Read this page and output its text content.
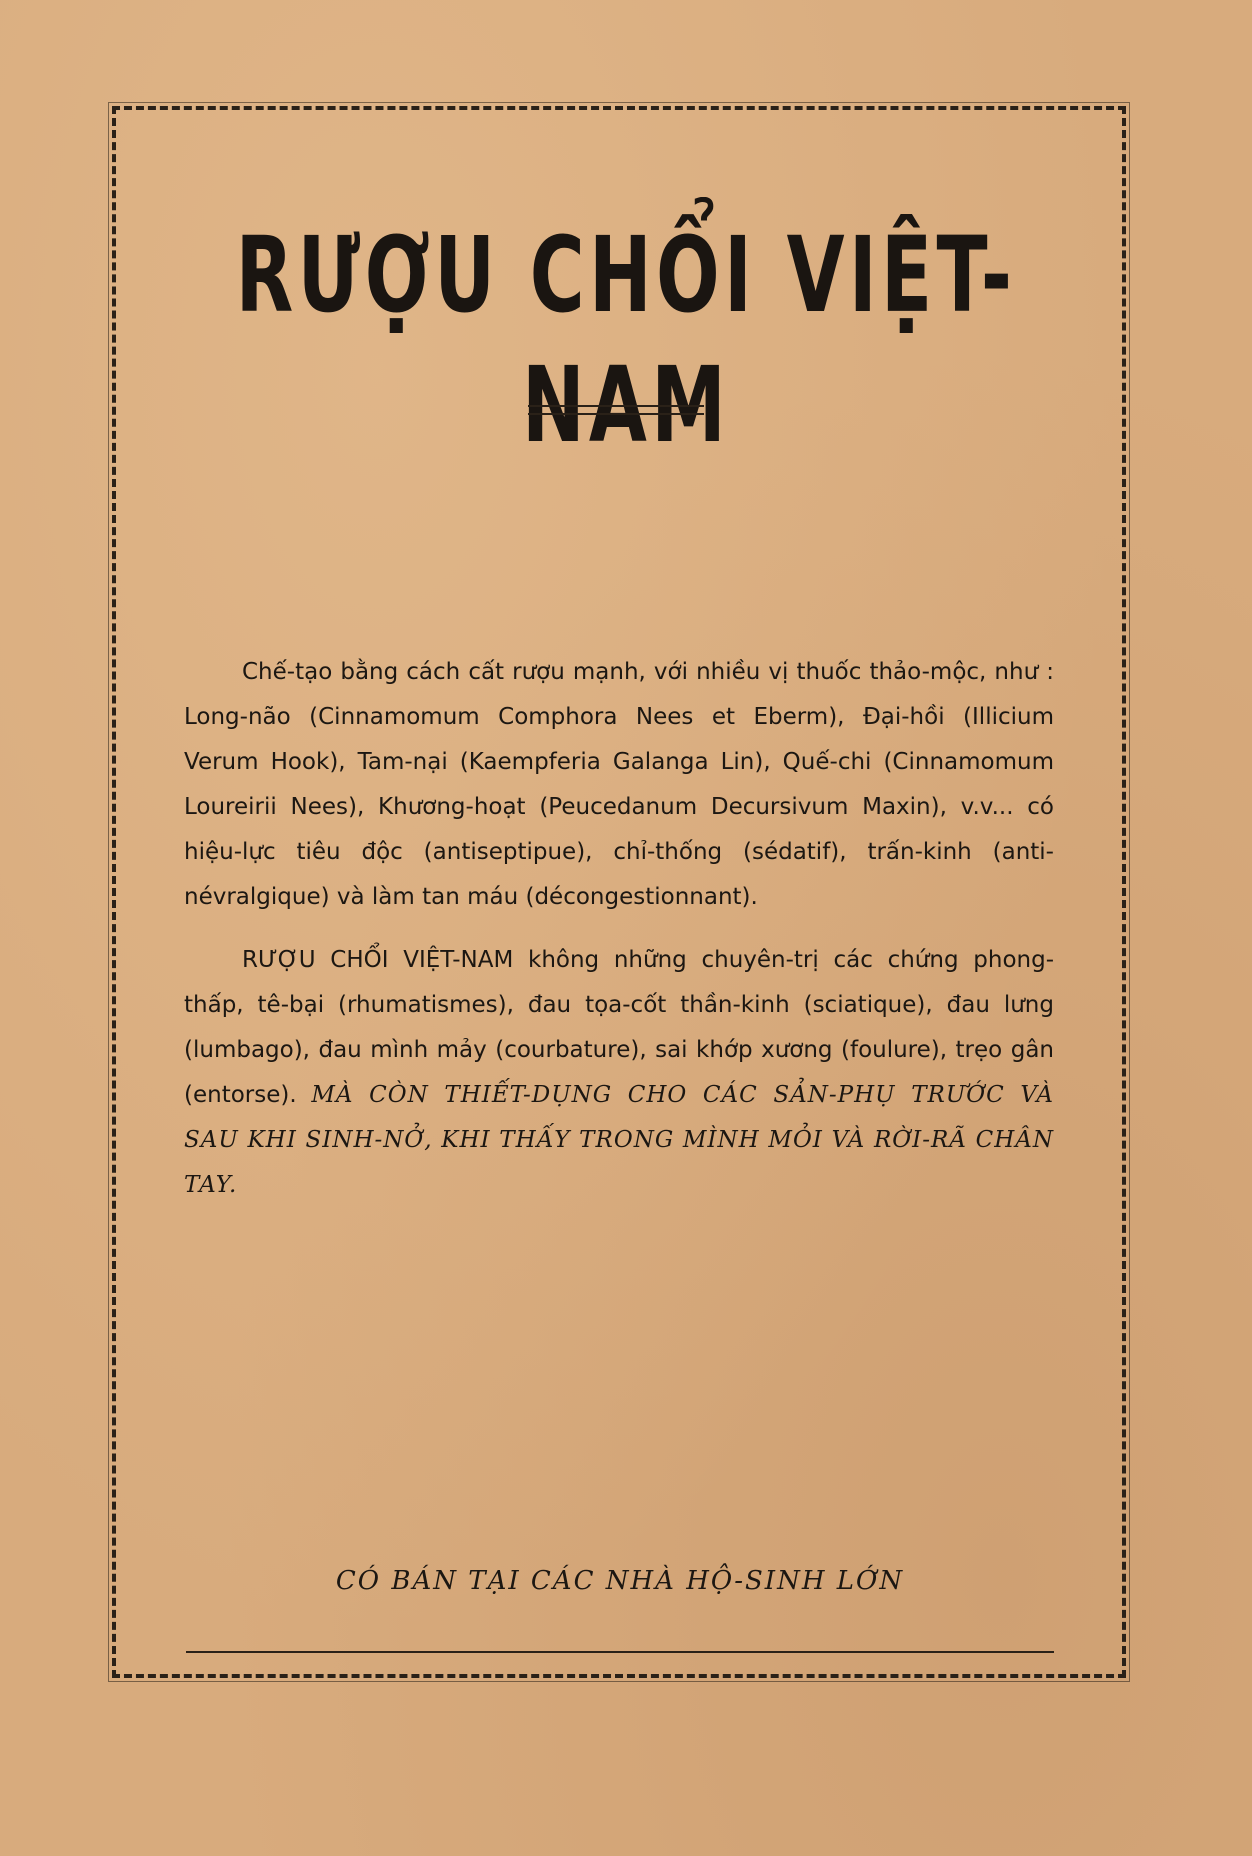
RƯỢU CHỔI VIỆT-NAM

Chế-tạo bằng cách cất rượu mạnh, với nhiều vị thuốc thảo-mộc, như : Long-não (Cinnamomum Comphora Nees et Eberm), Đại-hồi (Illicium Verum Hook), Tam-nại (Kaempferia Galanga Lin), Quế-chi (Cinnamomum Loureirii Nees), Khương-hoạt (Peucedanum Decursivum Maxin), v.v... có hiệu-lực tiêu độc (antiseptipue), chỉ-thống (sédatif), trấn-kinh (anti-névralgique) và làm tan máu (décongestionnant).

RƯỢU CHỔI VIỆT-NAM không những chuyên-trị các chứng phong-thấp, tê-bại (rhumatismes), đau tọa-cốt thần-kinh (sciatique), đau lưng (lumbago), đau mình mảy (courbature), sai khớp xương (foulure), trẹo gân (entorse). MÀ CÒN THIẾT-DỤNG CHO CÁC SẢN-PHỤ TRƯỚC VÀ SAU KHI SINH-NỞ, KHI THẤY TRONG MÌNH MỎI VÀ RỜI-RÃ CHÂN TAY.

CÓ BÁN TẠI CÁC NHÀ HỘ-SINH LỚN
